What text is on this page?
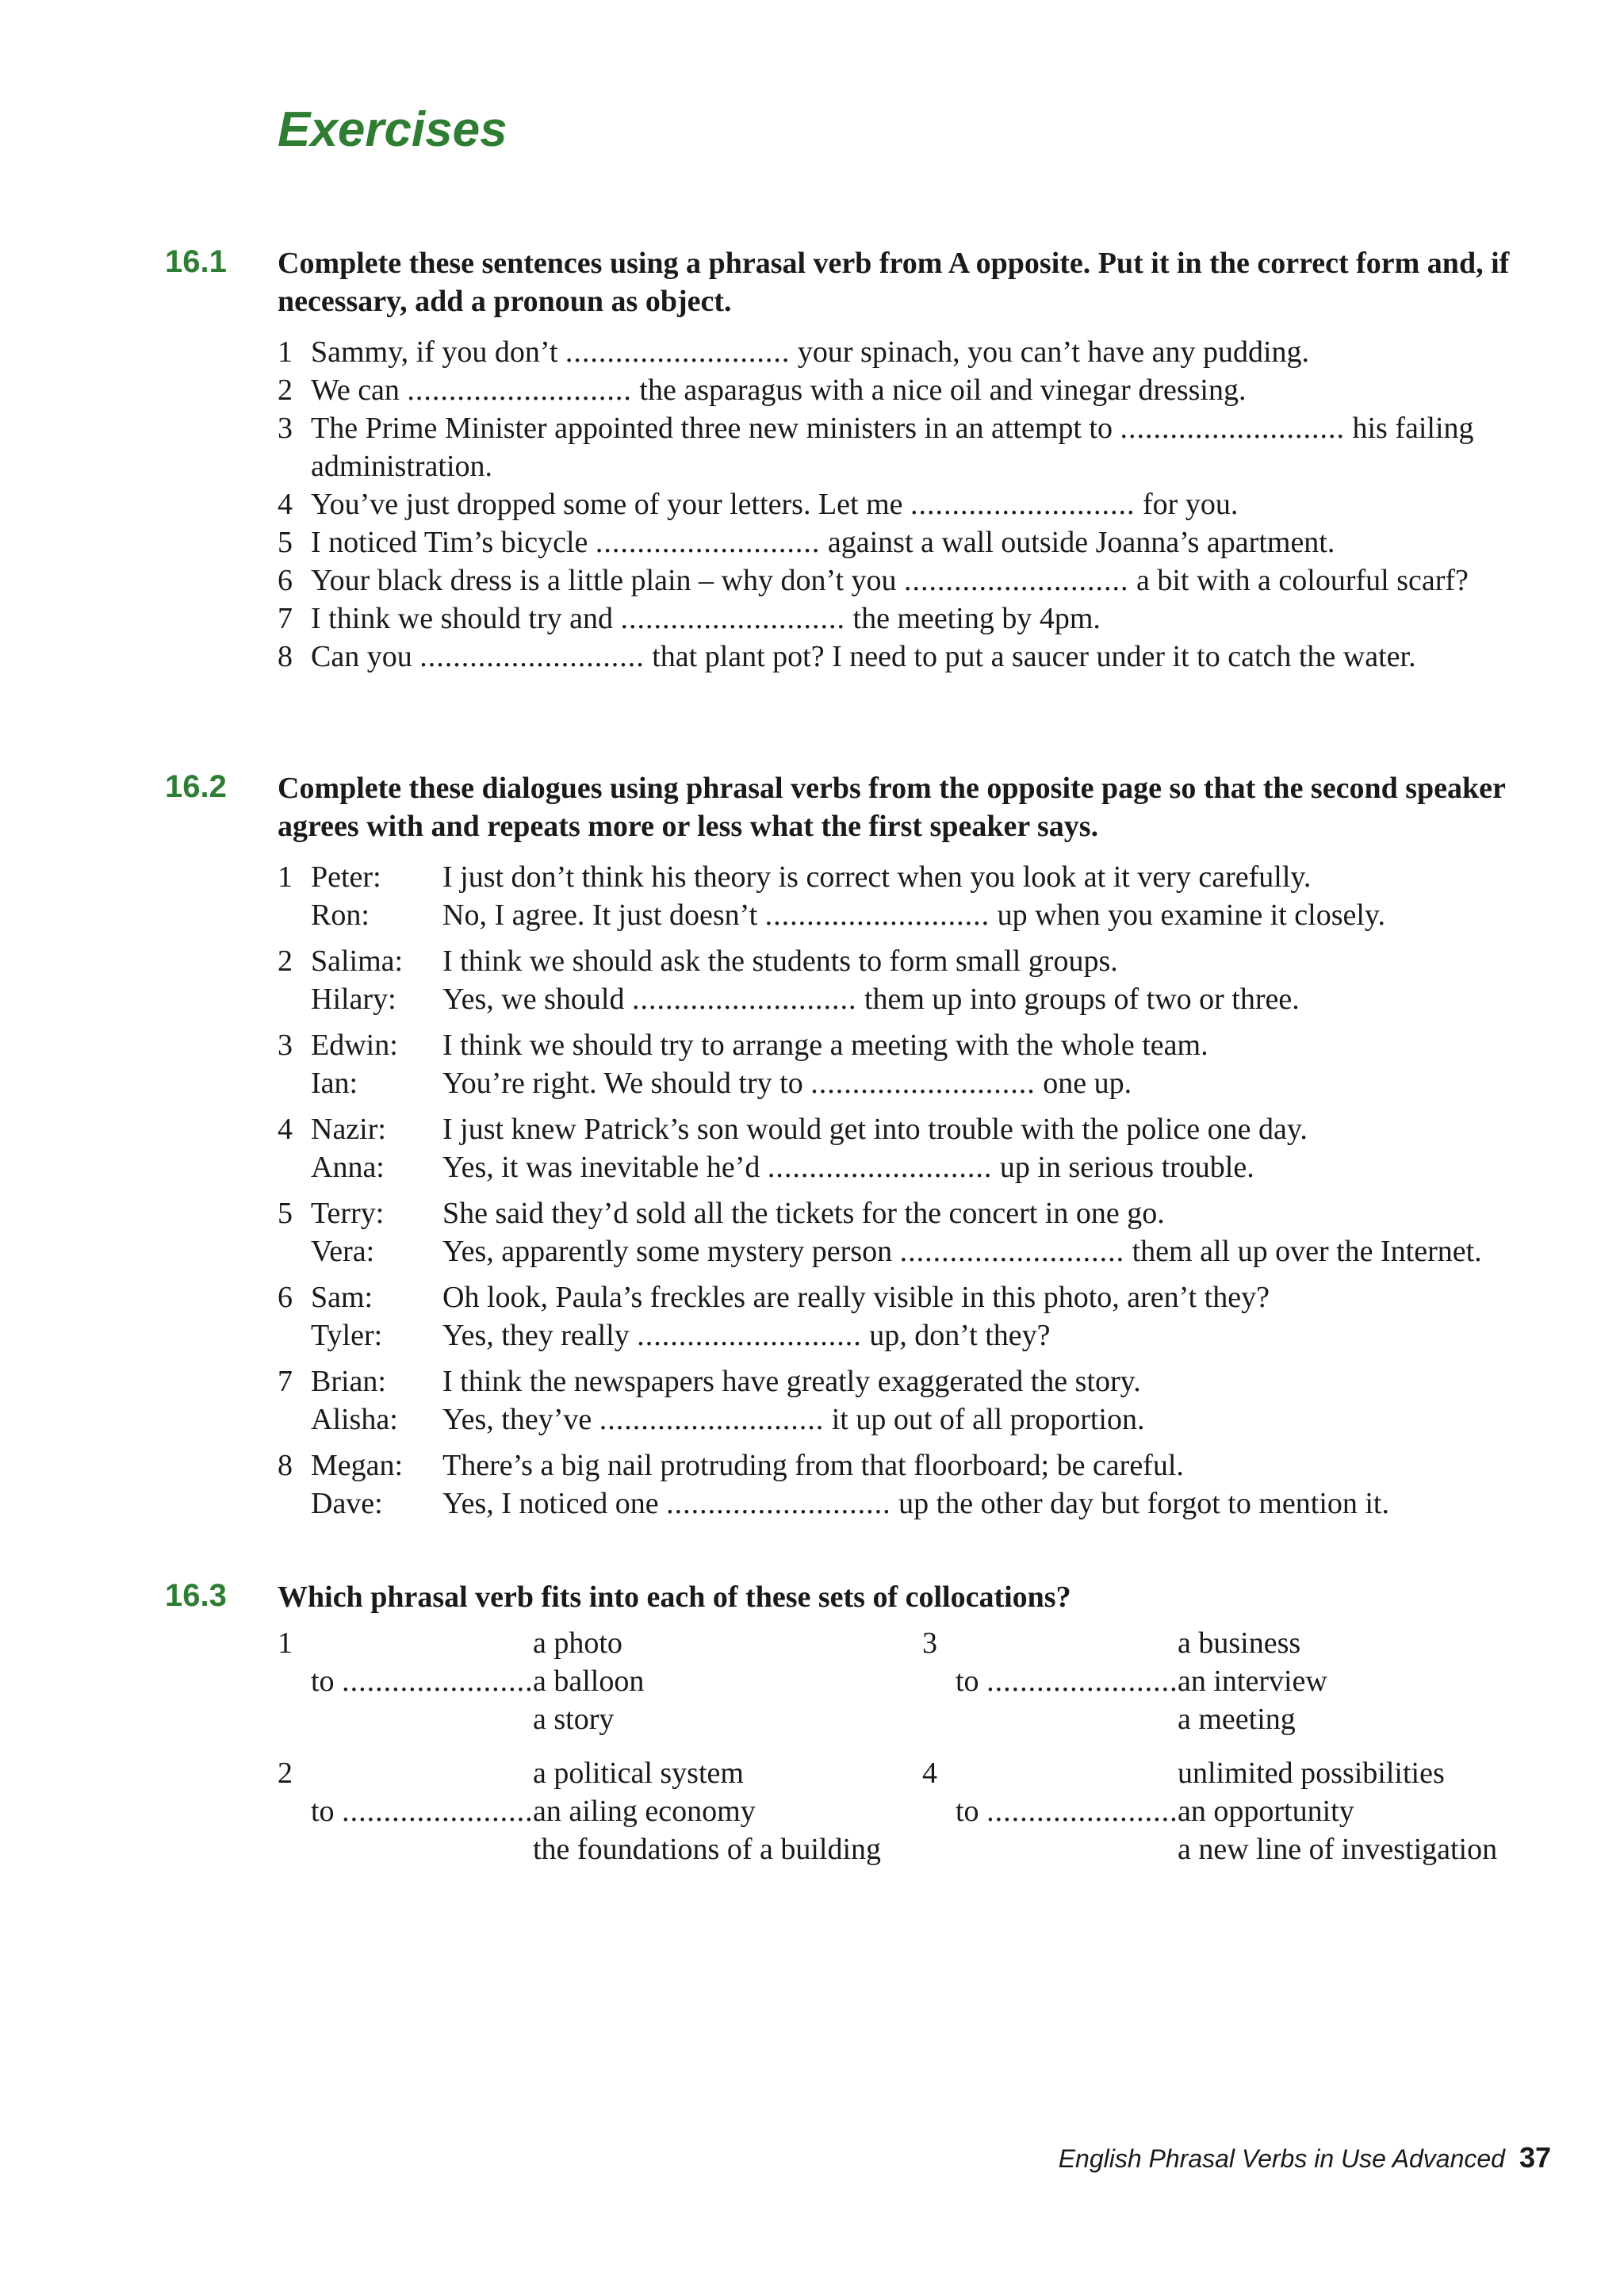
Exercises
16.1 Complete these sentences using a phrasal verb from A opposite. Put it in the correct form and, if necessary, add a pronoun as object.
1 Sammy, if you don’t ........................... your spinach, you can’t have any pudding.
2 We can ........................... the asparagus with a nice oil and vinegar dressing.
3 The Prime Minister appointed three new ministers in an attempt to ........................... his failing administration.
4 You’ve just dropped some of your letters. Let me ........................... for you.
5 I noticed Tim’s bicycle ........................... against a wall outside Joanna’s apartment.
6 Your black dress is a little plain – why don’t you ........................... a bit with a colourful scarf?
7 I think we should try and ........................... the meeting by 4pm.
8 Can you ........................... that plant pot? I need to put a saucer under it to catch the water.
16.2 Complete these dialogues using phrasal verbs from the opposite page so that the second speaker agrees with and repeats more or less what the first speaker says.
1 Peter: I just don’t think his theory is correct when you look at it very carefully.
Ron: No, I agree. It just doesn’t ........................... up when you examine it closely.
2 Salima: I think we should ask the students to form small groups.
Hilary: Yes, we should ........................... them up into groups of two or three.
3 Edwin: I think we should try to arrange a meeting with the whole team.
Ian:	You’re right. We should try to ........................... one up.
4 Nazir: I just knew Patrick’s son would get into trouble with the police one day.
Anna: Yes, it was inevitable he’d ........................... up in serious trouble.
5 Terry: She said they’d sold all the tickets for the concert in one go.
Vera: Yes, apparently some mystery person ........................... them all up over the Internet.
6 Sam: Oh look, Paula’s freckles are really visible in this photo, aren’t they?
Tyler: Yes, they really ........................... up, don’t they?
7 Brian: I think the newspapers have greatly exaggerated the story.
Alisha: Yes, they’ve ........................... it up out of all proportion.
8 Megan: There’s a big nail protruding from that floorboard; be careful.
Dave: Yes, I noticed one ........................... up the other day but forgot to mention it.
16.3 Which phrasal verb fits into each of these sets of collocations?
1
to .......................
a photo
a balloon
a story
2
to .......................
a political system
an ailing economy
the foundations of a building
3
to .......................
a business
an interview
a meeting
4
to .......................
unlimited possibilities
an opportunity
a new line of investigation
English Phrasal Verbs in Use Advanced 37
